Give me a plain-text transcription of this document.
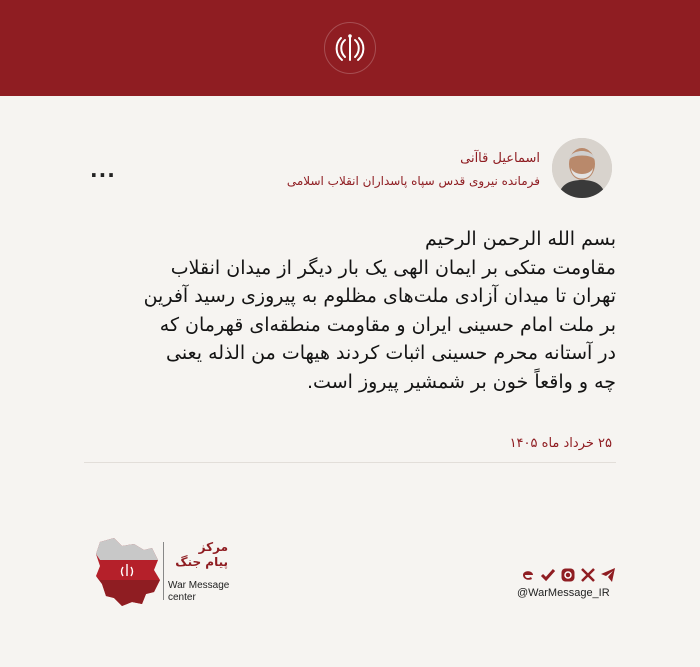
اسماعیل قاآنی
فرمانده نیروی قدس سپاه پاسداران انقلاب اسلامی
...

بسم الله الرحمن الرحیم

مقاومت متکی بر ایمان الهی یک بار دیگر از میدان انقلاب

تهران تا میدان آزادی ملت‌های مظلوم به پیروزی رسید آفرین

بر ملت امام حسینی ایران و مقاومت منطقه‌ای قهرمان که

در آستانه محرم حسینی اثبات کردند هیهات من الذله یعنی

چه و واقعاً خون بر شمشیر پیروز است.

۲۵ خرداد ماه ۱۴۰۵
مرکز
پیام جنگ
War Message
center	@WarMessage_IR
